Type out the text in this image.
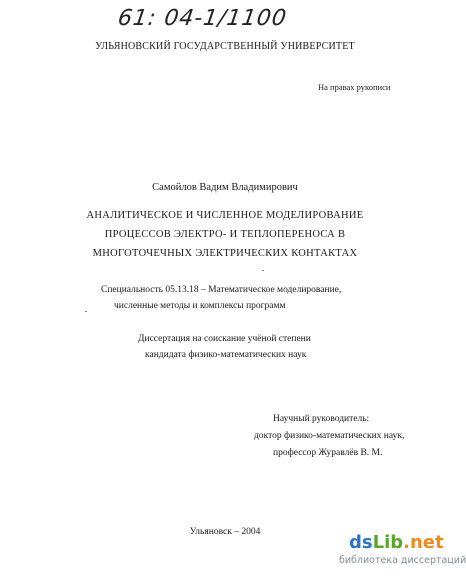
61: 04-1/1100
УЛЬЯНОВСКИЙ ГОСУДАРСТВЕННЫЙ УНИВЕРСИТЕТ
На правах рукописи
Самойлов Вадим Владимирович
АНАЛИТИЧЕСКОЕ И ЧИСЛЕННОЕ МОДЕЛИРОВАНИЕ
ПРОЦЕССОВ ЭЛЕКТРО- И ТЕПЛОПЕРЕНОСА В
МНОГОТОЧЕЧНЫХ ЭЛЕКТРИЧЕСКИХ КОНТАКТАХ
Специальность 05.13.18 – Математическое моделирование,
численные методы и комплексы программ
Диссертация на соискание учёной степени
кандидата физико-математических наук
Научный руководитель:
доктор физико-математических наук,
профессор Журавлёв В. М.
Ульяновск – 2004	dsLib.net
библиотека диссертаций
